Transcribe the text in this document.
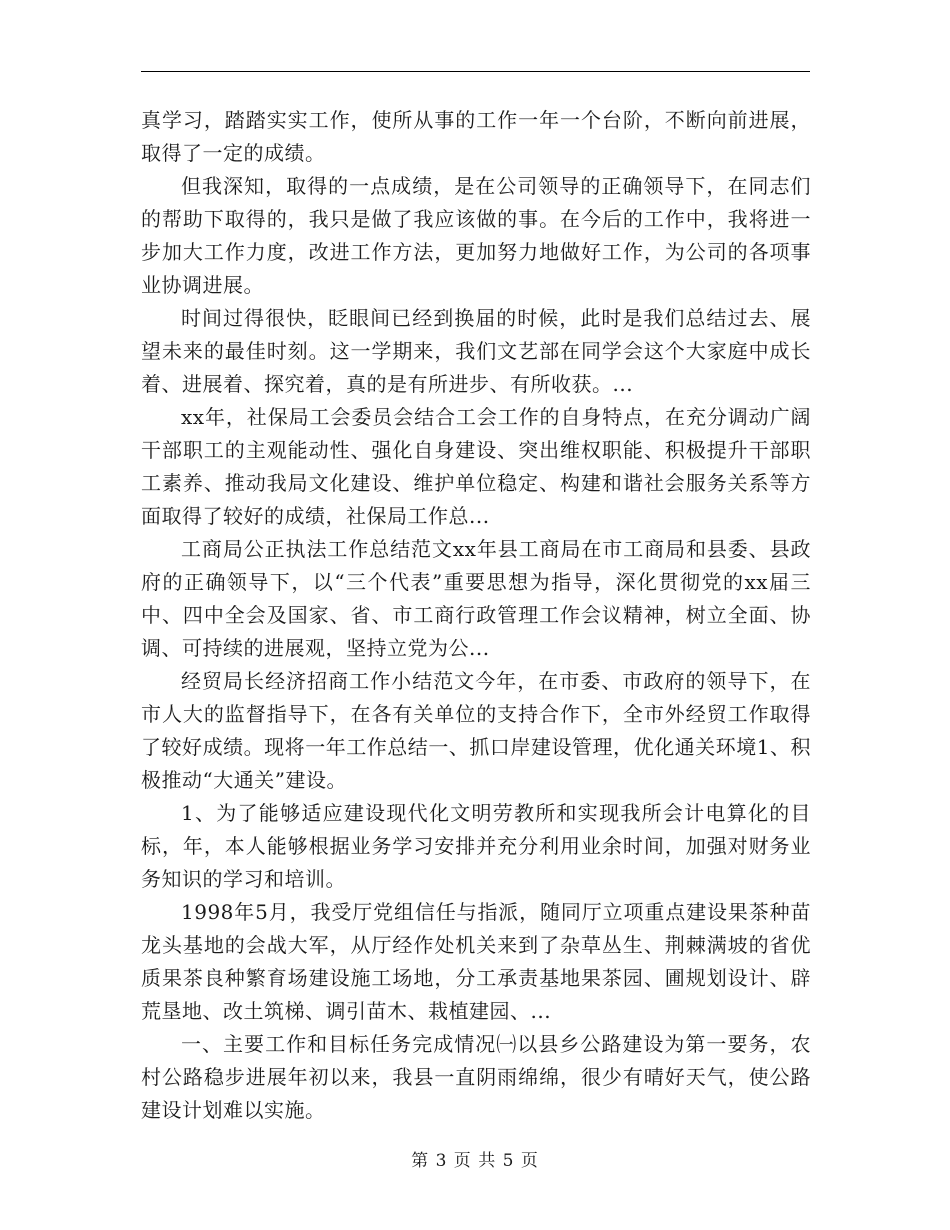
真学习，踏踏实实工作，使所从事的工作一年一个台阶，不断向前进展，取得了一定的成绩。

但我深知，取得的一点成绩，是在公司领导的正确领导下，在同志们的帮助下取得的，我只是做了我应该做的事。在今后的工作中，我将进一步加大工作力度，改进工作方法，更加努力地做好工作，为公司的各项事业协调进展。

时间过得很快，眨眼间已经到换届的时候，此时是我们总结过去、展望未来的最佳时刻。这一学期来，我们文艺部在同学会这个大家庭中成长着、进展着、探究着，真的是有所进步、有所收获。...

xx年，社保局工会委员会结合工会工作的自身特点，在充分调动广阔干部职工的主观能动性、强化自身建设、突出维权职能、积极提升干部职工素养、推动我局文化建设、维护单位稳定、构建和谐社会服务关系等方面取得了较好的成绩，社保局工作总...

工商局公正执法工作总结范文xx年县工商局在市工商局和县委、县政府的正确领导下，以“三个代表”重要思想为指导，深化贯彻党的xx届三中、四中全会及国家、省、市工商行政管理工作会议精神，树立全面、协调、可持续的进展观，坚持立党为公...

经贸局长经济招商工作小结范文今年，在市委、市政府的领导下，在市人大的监督指导下，在各有关单位的支持合作下，全市外经贸工作取得了较好成绩。现将一年工作总结一、抓口岸建设管理，优化通关环境1、积极推动“大通关”建设。

1、为了能够适应建设现代化文明劳教所和实现我所会计电算化的目标，年，本人能够根据业务学习安排并充分利用业余时间，加强对财务业务知识的学习和培训。

1998年5月，我受厅党组信任与指派，随同厅立项重点建设果茶种苗龙头基地的会战大军，从厅经作处机关来到了杂草丛生、荆棘满坡的省优质果茶良种繁育场建设施工场地，分工承责基地果茶园、圃规划设计、辟荒垦地、改土筑梯、调引苗木、栽植建园、...

一、主要工作和目标任务完成情况㈠以县乡公路建设为第一要务，农村公路稳步进展年初以来，我县一直阴雨绵绵，很少有晴好天气，使公路建设计划难以实施。

第 3 页 共 5 页
